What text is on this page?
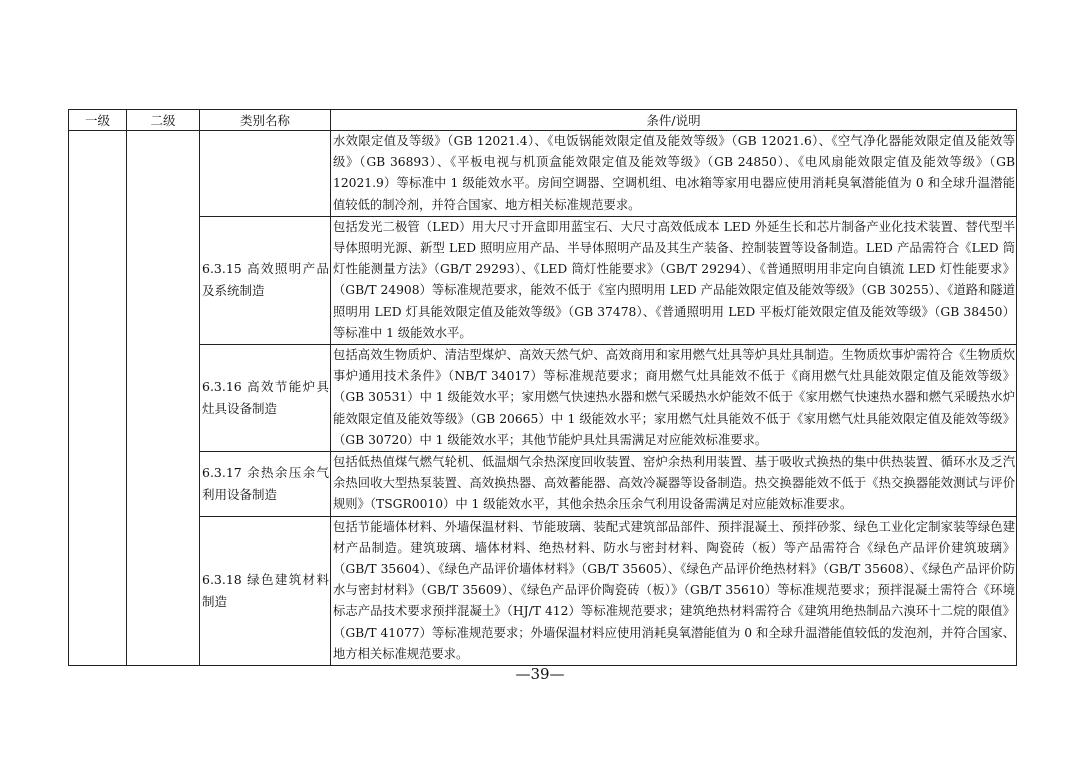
一级	二级	类别名称	条件/说明
			水效限定值及等级》（GB 12021.4）、《电饭锅能效限定值及能效等级》（GB 12021.6）、《空气净化器能效限定值及能效等级》（GB 36893）、《平板电视与机顶盒能效限定值及能效等级》（GB 24850）、《电风扇能效限定值及能效等级》（GB 12021.9）等标准中 1 级能效水平。房间空调器、空调机组、电冰箱等家用电器应使用消耗臭氧潜能值为 0 和全球升温潜能值较低的制冷剂，并符合国家、地方相关标准规范要求。
		6.3.15 高效照明产品及系统制造	包括发光二极管（LED）用大尺寸开盒即用蓝宝石、大尺寸高效低成本 LED 外延生长和芯片制备产业化技术装置、替代型半导体照明光源、新型 LED 照明应用产品、半导体照明产品及其生产装备、控制装置等设备制造。LED 产品需符合《LED 筒灯性能测量方法》（GB/T 29293）、《LED 筒灯性能要求》（GB/T 29294）、《普通照明用非定向自镇流 LED 灯性能要求》（GB/T 24908）等标准规范要求，能效不低于《室内照明用 LED 产品能效限定值及能效等级》（GB 30255）、《道路和隧道照明用 LED 灯具能效限定值及能效等级》（GB 37478）、《普通照明用 LED 平板灯能效限定值及能效等级》（GB 38450）等标准中 1 级能效水平。
		6.3.16 高效节能炉具灶具设备制造	包括高效生物质炉、清洁型煤炉、高效天然气炉、高效商用和家用燃气灶具等炉具灶具制造。生物质炊事炉需符合《生物质炊事炉通用技术条件》（NB/T 34017）等标准规范要求；商用燃气灶具能效不低于《商用燃气灶具能效限定值及能效等级》（GB 30531）中 1 级能效水平；家用燃气快速热水器和燃气采暖热水炉能效不低于《家用燃气快速热水器和燃气采暖热水炉能效限定值及能效等级》（GB 20665）中 1 级能效水平；家用燃气灶具能效不低于《家用燃气灶具能效限定值及能效等级》（GB 30720）中 1 级能效水平；其他节能炉具灶具需满足对应能效标准要求。
		6.3.17 余热余压余气利用设备制造	包括低热值煤气燃气轮机、低温烟气余热深度回收装置、窑炉余热利用装置、基于吸收式换热的集中供热装置、循环水及乏汽余热回收大型热泵装置、高效换热器、高效蓄能器、高效冷凝器等设备制造。热交换器能效不低于《热交换器能效测试与评价规则》（TSGR0010）中 1 级能效水平，其他余热余压余气利用设备需满足对应能效标准要求。
		6.3.18 绿色建筑材料制造	包括节能墙体材料、外墙保温材料、节能玻璃、装配式建筑部品部件、预拌混凝土、预拌砂浆、绿色工业化定制家装等绿色建材产品制造。建筑玻璃、墙体材料、绝热材料、防水与密封材料、陶瓷砖（板）等产品需符合《绿色产品评价建筑玻璃》（GB/T 35604）、《绿色产品评价墙体材料》（GB/T 35605）、《绿色产品评价绝热材料》（GB/T 35608）、《绿色产品评价防水与密封材料》（GB/T 35609）、《绿色产品评价陶瓷砖（板）》（GB/T 35610）等标准规范要求；预拌混凝土需符合《环境标志产品技术要求预拌混凝土》（HJ/T 412）等标准规范要求；建筑绝热材料需符合《建筑用绝热制品六溴环十二烷的限值》（GB/T 41077）等标准规范要求；外墙保温材料应使用消耗臭氧潜能值为 0 和全球升温潜能值较低的发泡剂，并符合国家、地方相关标准规范要求。
—39—
